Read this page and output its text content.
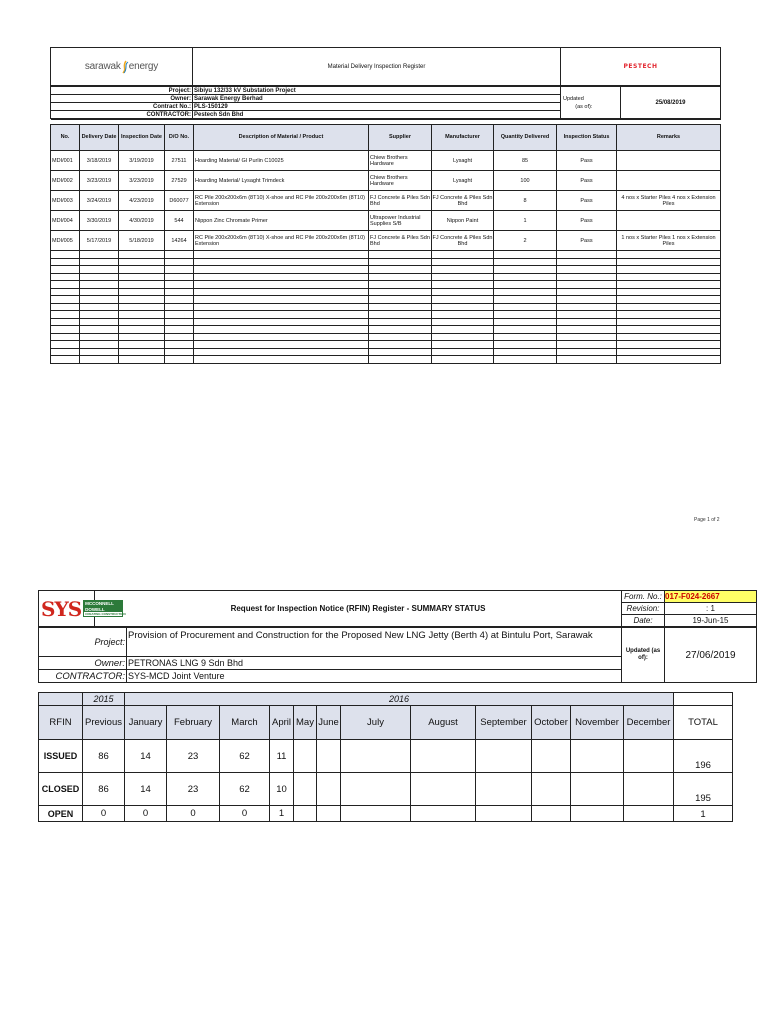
sarawak energy	Material Delivery Inspection Register	PESTECH
Project:	Sibiyu 132/33 kV Substation Project	Updated
(as of):	25/08/2019
Owner:	Sarawak Energy Berhad		
Contract No.:	PLS-150129		
CONTRACTOR:	Pestech Sdn Bhd		

No.	Delivery Date	Inspection Date	D/O No.	Description of Material / Product	Supplier	Manufacturer	Quantity Delivered	Inspection Status	Remarks
MDI/001	3/18/2019	3/19/2019	27511	Hoarding Material/ GI Purlin C10025	Chiew Brothers Hardware	Lysaght	85	Pass	
MDI/002	3/23/2019	3/23/2019	27529	Hoarding Material/ Lysaght Trimdeck	Chiew Brothers Hardware	Lysaght	100	Pass	
MDI/003	3/24/2019	4/23/2019	D60077	RC Pile 200x200x6m (8T10) X-shoe and RC Pile 200x200x6m (8T10) Extension	FJ Concrete & Piles Sdn Bhd	FJ Concrete & Piles Sdn Bhd	8	Pass	4 nos x Starter Piles 4 nos x Extension Piles
MDI/004	3/30/2019	4/30/2019	544	Nippon Zinc Chromate Primer	Ultrapower Industrial Supplies S/B	Nippon Paint	1	Pass	
MDI/005	5/17/2019	5/18/2019	14264	RC Pile 200x200x6m (8T10) X-shoe and RC Pile 200x200x6m (8T10) Extension	FJ Concrete & Piles Sdn Bhd	FJ Concrete & Piles Sdn Bhd	2	Pass	1 nos x Starter Piles 1 nos x Extension Piles

Page 1 of 2
SYS MCCONNELL
DOWELL
CREATING CONSTRUCTION	Request for Inspection Notice (RFIN) Register - SUMMARY STATUS	Form. No.:	017-F024-2667
		Revision:	: 1
		Date:	19-Jun-15
Project:	Provision of Procurement and Construction for the Proposed New LNG Jetty (Berth 4) at Bintulu Port, Sarawak	Updated (as of):	27/06/2019
Owner:	PETRONAS LNG 9 Sdn Bhd		
CONTRACTOR:	SYS-MCD Joint Venture		
	2015	2016												
RFIN	Previous	January	February	March	April	May	June	July	August	September	October	November	December	TOTAL
ISSUED	86	14	23	62	11									196
CLOSED	86	14	23	62	10									195
OPEN	0	0	0	0	1									1
